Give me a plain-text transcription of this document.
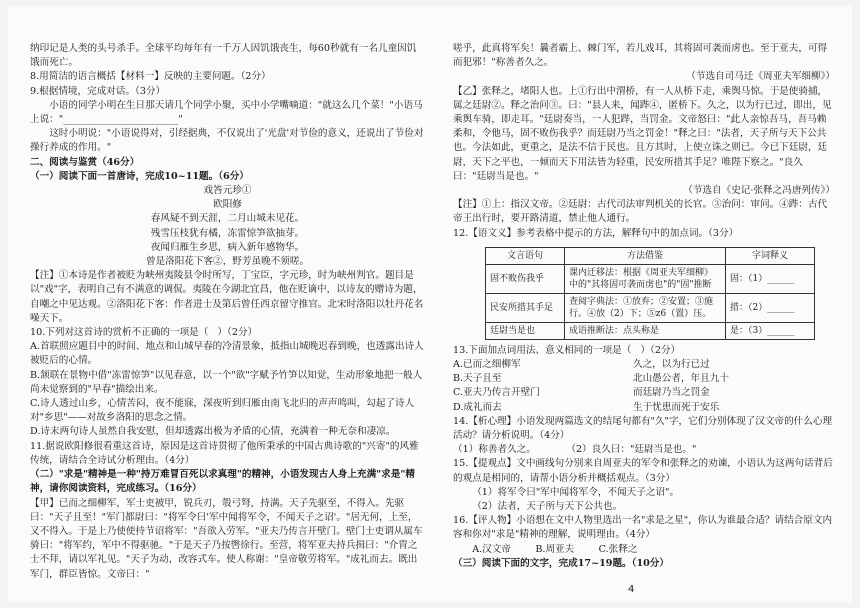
纳印记是人类的头号杀手。全球平均每年有一千万人因饥饿丧生，每60秒就有一名儿童因饥饿而死亡。
8.用简洁的语言概括【材料一】反映的主要问题。（2分）
9.根据情境，完成对话。（3分）
小语的同学小明在生日那天请几个同学小聚，买中小学嘴嘀道："就这么几个菜！"小语马上说："________________________"
这时小明说："小语说得对，引经据典，不仅说出了'光盘'对节俭的意义，还说出了节俭对操行养成的作用。"
二、阅读与鉴赏（46分）
（一）阅读下面一首唐诗，完成10~11题。（6分）
戏答元珍①
欧阳修
春风疑不到天涯，二月山城未见花。
残雪压枝犹有橘，冻雷惊笋欲抽芽。
夜闻归雁生乡思，病入新年感物华。
曾是洛阳花下客②，野芳虽晚不须嗟。
【注】①本诗是作者被贬为峡州夷陵县令时所写，丁宝臣，字元珍，时为峡州判官。题目是以"戏"字，表明自己有不满意的调侃。夷陵在今湖北宜昌，他在贬谪中，以诗友的赠诗为题，自嘲之中见达观。②洛阳花下客：作者进士及第后曾任西京留守推官。北宋时洛阳以牡丹花名噪天下。
10.下列对这首诗的赏析不正确的一项是（   ）（2分）
A.首联照应题目中的时间、地点和山城早春的冷清景象，抵指山城晚迟春到晚，也透露出诗人被贬后的心情。
B.颔联在景物中借"冻雷惊笋"以见春意，以一个"欲"字赋予竹笋以知觉，生动形象地把一般人尚未觉察到的"早春"描绘出来。
C.诗人透过山乡，心情苦闷，夜不能寐，深夜听到归雁由南飞北归的声声鸣叫，勾起了诗人对"乡思"——对故乡洛阳的思念之情。
D.诗末两句诗人虽然自我安慰，但却透露出极为矛盾的心情，充满着一种无奈和凄凉。
11.据说欧阳修很看重这首诗，原因是这首诗贯彻了他所秉承的中国古典诗歌的"兴寄"的风雅传统，请结合全诗试分析理由。（4分）
（二）"求是"精神是一种"持万难冒百死以求真理"的精神，小语发现古人身上充满"求是"精神，请你阅读资料，完成练习。（16分）
【甲】已而之细柳军，军士吏被甲，锐兵刃，彀弓弩，持满。天子先驱至，不得入。先驱曰："天子且至！"军门都尉曰："将军令曰'军中闻将军令，不闻天子之诏'。"居无何，上至，又不得入。于是上乃使使持节诏将军："吾欲入劳军。"亚夫乃传言开壁门。壁门士吏谓从属车骑曰："将军约，军中不得驱驰。"于是天子乃按辔徐行。至营，将军亚夫持兵揖曰："介胄之士不拜，请以军礼见。"天子为动，改容式车。使人称谢："皇帝敬劳将军。"成礼而去。既出军门，群臣皆惊。文帝曰："
嗟乎，此真将军矣！曩者霸上、棘门军，若儿戏耳，其将固可袭而虏也。至于亚夫，可得而犯邪！"称善者久之。
（节选自司马迁《周亚夫军细柳》）
【乙】张释之，堵阳人也。上①行出中渭桥，有一人从桥下走，乘舆马惊。于是使骑捕，属之廷尉②。释之治问③。曰："县人来，闻跸④，匿桥下。久之，以为行已过，即出，见乘舆车骑，即走耳。"廷尉奏当，一人犯跸，当罚金。文帝怒曰："此人亲惊吾马，吾马赖柔和，令他马，固不败伤我乎？而廷尉乃当之罚金！"释之曰："法者，天子所与天下公共也。今法如此，更重之，是法不信于民也。且方其时，上使立诛之则已。今已下廷尉，廷尉，天下之平也，一倾而天下用法皆为轻重，民安所措其手足？唯陛下察之。"良久曰："廷尉当是也。"
（节选自《史记·张释之冯唐列传》）
【注】①上：指汉文帝。②廷尉：古代司法审判机关的长官。③治问：审问。④跸：古代帝王出行时，要开路清道，禁止他人通行。
12.【语文义】参考表格中提示的方法，解释句中的加点词。（3分）
文言语句	方法借鉴	字词释义
固不败伤我乎	课内迁移法：根据《周亚夫军细柳》中的"其将固可袭而虏也"的"固"推断	固：（1）______
民安所措其手足	查阅字典法：①放弃；②安置；③施行。④放（2）下；⑤z6（置）压。	措：（2）______
廷尉当是也	成语推断法：点头称是	是：（3）______
13.下面加点词用法、意义相同的一项是（   ）（2分）
A.已而之细柳军	久之，以为行已过
B.天子且至	北山愚公者，年且九十
C.亚夫乃传言开壁门	而廷尉乃当之罚金
D.成礼而去	生于忧患而死于安乐
14.【析心理】小语发现两篇选文的结尾句都有"久"字，它们分别体现了汉文帝的什么心理活动？请分析说明。（4分）
（1）称善者久之。          （2）良久曰："廷尉当是也。"
15.【提观点】文中画线句分别来自周亚夫的军令和张释之的劝谏，小语认为这两句话背后的观点是相同的，请帮小语分析并概括观点。（3分）
（1）将军令曰"军中闻将军令，不闻天子之诏"。
（2）法者，天子所与天下公共也。
16.【评人物】小语想在文中人物里选出一名"求是之星"，你认为谁最合适？请结合原文内容和你对"求是"精神的理解，说明理由。（4分）
A.汉文帝        B.周亚夫        C.张释之
（三）阅读下面的文字，完成17~19题。（10分）
4
